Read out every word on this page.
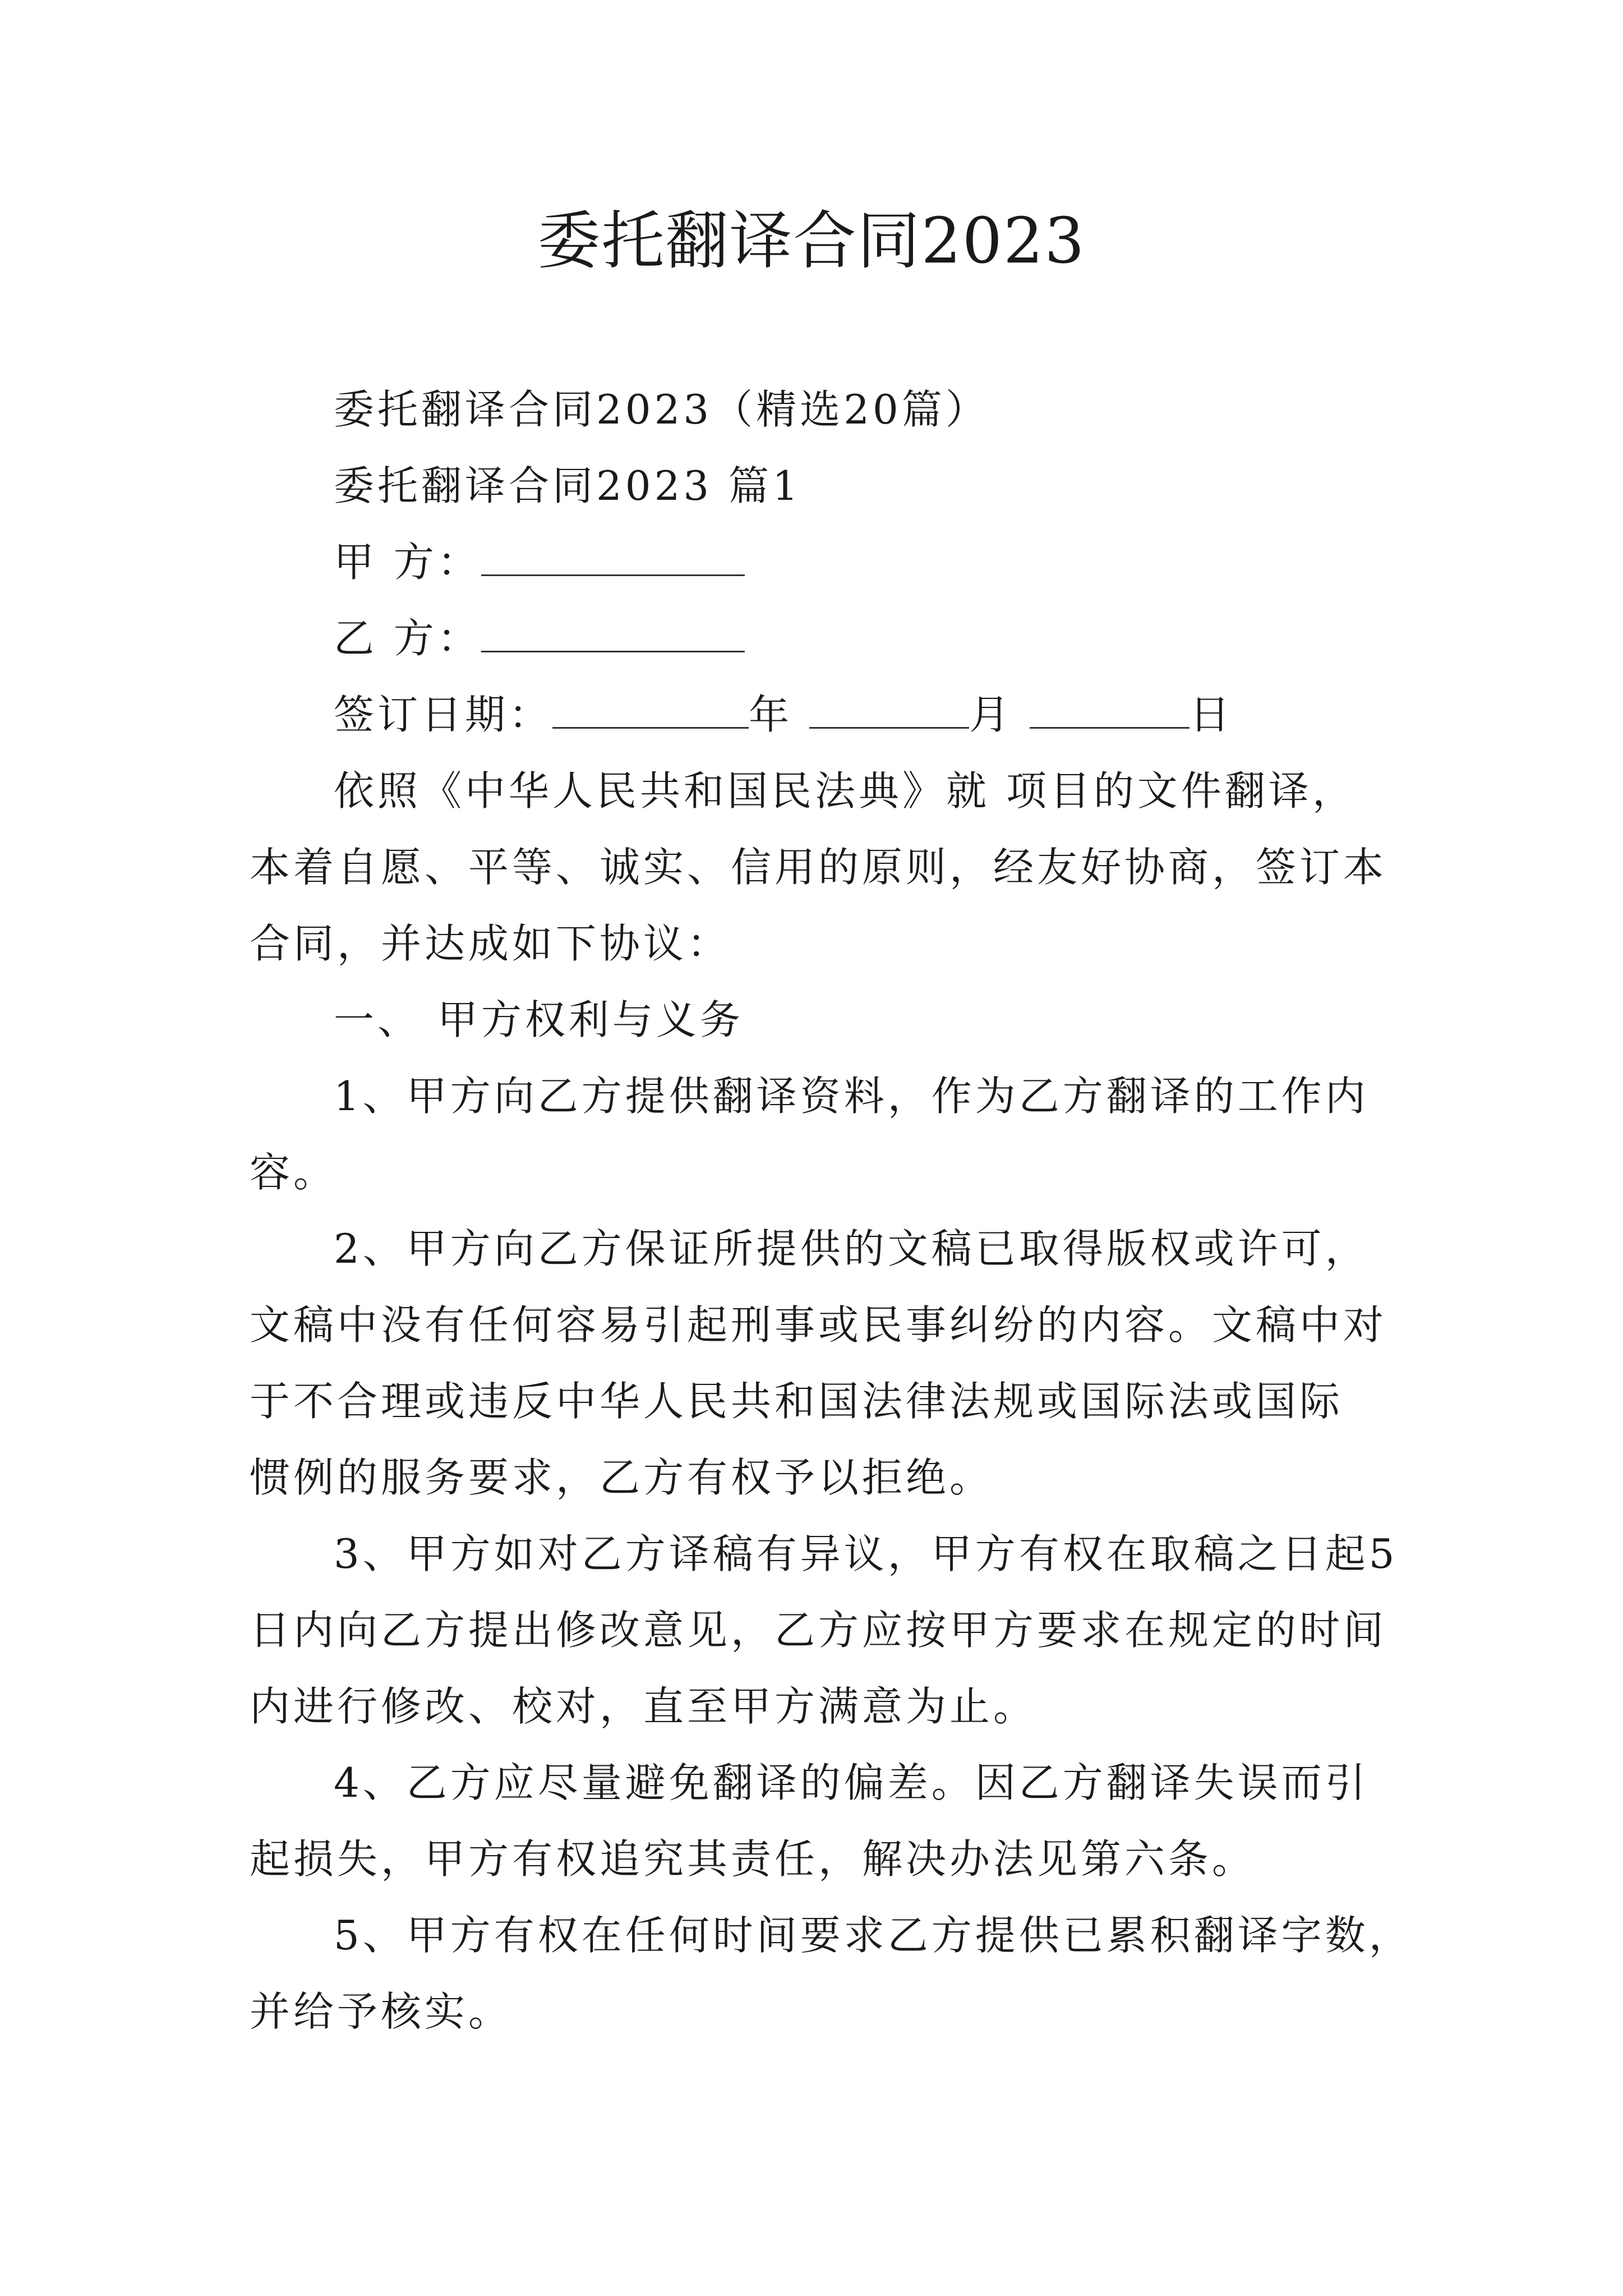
委托翻译合同2023
委托翻译合同2023（精选20篇）
委托翻译合同2023 篇1
甲 方：
乙 方：
签订日期：	年	月	日
依照《中华人民共和国民法典》就 项目的文件翻译，
本着自愿、平等、诚实、信用的原则，经友好协商，签订本
合同，并达成如下协议：
一、 甲方权利与义务
1、甲方向乙方提供翻译资料，作为乙方翻译的工作内
容。
2、甲方向乙方保证所提供的文稿已取得版权或许可，
文稿中没有任何容易引起刑事或民事纠纷的内容。文稿中对
于不合理或违反中华人民共和国法律法规或国际法或国际
惯例的服务要求，乙方有权予以拒绝。
3、甲方如对乙方译稿有异议，甲方有权在取稿之日起5
日内向乙方提出修改意见，乙方应按甲方要求在规定的时间
内进行修改、校对，直至甲方满意为止。
4、乙方应尽量避免翻译的偏差。因乙方翻译失误而引
起损失，甲方有权追究其责任，解决办法见第六条。
5、甲方有权在任何时间要求乙方提供已累积翻译字数，
并给予核实。
